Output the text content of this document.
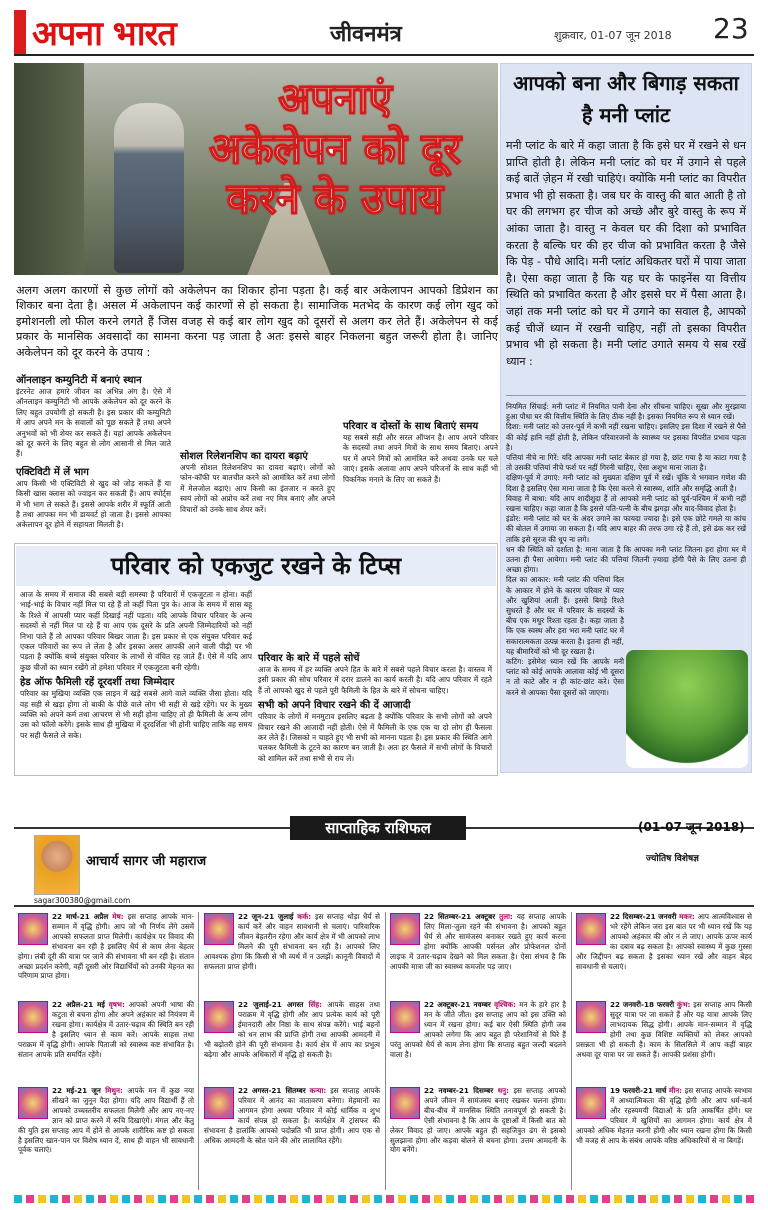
अपना भारत	जीवनमंत्र	शुक्रवार, 01-07 जून 2018 23
अपनाएं
अकेलेपन को दूर
करने के उपाय
अलग अलग कारणों से कुछ लोगों को अकेलेपन का शिकार होना पड़ता है। कई बार अकेलापन आपको डिप्रेशन का शिकार बना देता है। असल में अकेलापन कई कारणों से हो सकता है। सामाजिक मतभेद के कारण कई लोग खुद को इमोशनली लो फील करने लगते हैं जिस वजह से कई बार लोग खुद को दूसरों से अलग कर लेते हैं। अकेलेपन से कई प्रकार के मानसिक अवसादों का सामना करना पड़ जाता है अतः इससे बाहर निकलना बहुत जरूरी होता है। जानिए अकेलेपन को दूर करने के उपाय :
ऑनलाइन कम्युनिटी में बनाएं स्थान
इंटरनेट आज हमारे जीवन का अभिन्न अंग है। ऐसे में ऑनलाइन कम्युनिटी भी आपके अकेलेपन को दूर करने के लिए बहुत उपयोगी हो सकती है। इस प्रकार की कम्युनिटी में आप अपने मन के सवालों को पूछ सकते हैं तथा अपने अनुभवों को भी शेयर कर सकते हैं। यहां आपके अकेलेपन को दूर करने के लिए बहुत से लोग आसानी से मिल जाते हैं।
एक्टिविटी में लें भाग
आप किसी भी एक्टिविटी से खुद को जोड़ सकते हैं या किसी खास क्लास को ज्वाइन कर सकती हैं। आप स्पोर्ट्स में भी भाग ले सकते हैं। इससे आपके शरीर में स्फूर्ति आती है तथा आपका मन भी डायवर्ट हो जाता है। इससे आपका अकेलापन दूर होने में सहायता मिलती है।
सोशल रिलेशनशिप का दायरा बढ़ाएं
अपनी सोशल रिलेशनशिप का दायरा बढ़ाएं। लोगों को फोन-कॉफी पर बातचीत करने को आमंत्रित करें तथा लोगों में मेलजोल बढ़ाएं। आप किसी का इंतजार न करते हुए स्वयं लोगों को अप्रोच करें तथा नए मित्र बनाएं और अपने विचारों को उनके साथ शेयर करें।
परिवार व दोस्तों के साथ बिताएं समय
यह सबसे सही और सरल ऑप्शन है। आप अपने परिवार के सदस्यों तथा अपने मित्रों के साथ समय बिताएं। अपने घर में अपने मित्रों को आमंत्रित करें अथवा उनके घर चले जाएं। इसके अलावा आप अपने परिजनों के साथ कहीं भी पिकनिक मनाने के लिए जा सकते हैं।
आपको बना और बिगाड़ सकता है मनी प्लांट
मनी प्लांट के बारे में कहा जाता है कि इसे घर में रखने से धन प्राप्ति होती है। लेकिन मनी प्लांट को घर में उगाने से पहले कई बातें ज़ेहन में रखी चाहिएं। क्योंकि मनी प्लांट का विपरीत प्रभाव भी हो सकता है। जब घर के वास्तु की बात आती है तो घर की लगभग हर चीज को अच्छे और बुरे वास्तु के रूप में आंका जाता है। वास्तु न केवल घर की दिशा को प्रभावित करता है बल्कि घर की हर चीज को प्रभावित करता है जैसे कि पेड़ - पौधे आदि। मनी प्लांट अधिकतर घरों में पाया जाता है। ऐसा कहा जाता है कि यह घर के फाइनेंस या वित्तीय स्थिति को प्रभावित करता है और इससे घर में पैसा आता है। जहां तक मनी प्लांट को घर में उगाने का सवाल है, आपको कई चीजें ध्यान में रखनी चाहिए, नहीं तो इसका विपरीत प्रभाव भी हो सकता है। मनी प्लांट उगाते समय ये सब रखें ध्यान :
नियमित सिंचाई: मनी प्लांट में नियमित पानी देना और सींचना चाहिए। सूखा और मुरझाया हुआ पौधा घर की वित्तीय स्थिति के लिए ठीक नहीं है। इसका नियमित रूप से ध्यान रखें।
दिशा: मनी प्लांट को उत्तर-पूर्व में कभी नहीं रखना चाहिए। इसलिए इस दिशा में रखने से पैसे की कोई हानि नहीं होती है, लेकिन परिवारजनों के स्वास्थ्य पर इसका विपरीत प्रभाव पड़ता है।
पत्तियां नीचे ना गिरें: यदि आपका मनी प्लांट बेकार हो गया है, छांट गया है या काटा गया है तो उसकी पत्तियां नीचे फर्श पर नहीं गिरनी चाहिए, ऐसा अशुभ माना जाता है।
दक्षिण-पूर्व में उगाएं: मनी प्लांट को मुख्यतः दक्षिण पूर्व में रखें। चूंकि ये भगवान गणेश की दिशा है इसलिए ऐसा माना जाता है कि ऐसा करने से स्वास्थ्य, शांति और समृद्धि आती है।
विवाह में बाधा: यदि आप शादीशुदा हैं तो आपको मनी प्लांट को पूर्व-पश्चिम में कभी नहीं रखना चाहिए। कहा जाता है कि इससे पति-पत्नी के बीच झगड़ा और वाद-विवाद होता है।
इंडोर: मनी प्लांट को घर के अंदर उगाने का फायदा ज्यादा है। इसे एक छोटे गमले या कांच की बोतल में उगाया जा सकता है। यदि आप बाहर की तरफ उगा रहे हैं तो, इसे ढंक कर रखें ताकि इसे सूरज की धूप ना लगे।
धन की स्थिति को दर्शाता है: माना जाता है कि आपका मनी प्लांट जितना हरा होगा घर में उतना ही पैसा आयेगा। मनी प्लांट की पत्तियां जितनी ज़्यादा होंगी पैसे के लिए उतना ही अच्छा होगा।
दिल का आकार: मनी प्लांट की पत्तियां दिल के आकार में होने के कारण परिवार में प्यार और खुशियां आती हैं। इससे बिगड़े रिश्ते सुधरते हैं और घर में परिवार के सदस्यों के बीच एक मधुर रिश्ता रहता है। कहा जाता है कि एक स्वस्थ और हरा भरा मनी प्लांट घर में सकारात्मकता उत्पन्न करता है। इतना ही नहीं, यह बीमारियों को भी दूर रखता है।
कटिंग: इसेमेश ध्यान रखें कि आपके मनी प्लांट को कोई आपके आलावा कोई भी दूसरा न तो काटे और न ही कांट-छांट करे। ऐसा करने से आपका पैसा दूसरों को जाएगा।
परिवार को एकजुट रखने के टिप्स
आज के समय में समाज की सबसे बड़ी समस्या है परिवारों में एकजुटता न होना। कहीं भाई-भाई के विचार नहीं मिल पा रहे हैं तो कहीं पिता पुत्र के। आज के समय में सास बहू के रिश्ते में आपसी प्यार कहीं दिखाई नहीं पड़ता। यदि आपके विचार परिवार के अन्य सदस्यों से नहीं मिल पा रहे हैं या आप एक दूसरे के प्रति अपनी जिम्मेदारियों को नहीं निभा पाते हैं तो आपका परिवार बिखर जाता है। इस प्रकार से एक संयुक्त परिवार कई एकल परिवारों का रूप ले लेता है और इसका असर आपकी आने वाली पीढ़ी पर भी पड़ता है क्योंकि बच्चे संयुक्त परिवार के लाभों से वंचित रह जाते हैं। ऐसे में यदि आप कुछ चीजों का ध्यान रखेंगे तो हमेशा परिवार में एकजुटता बनी रहेगी।
हेड ऑफ फैमिली रहें दूरदर्शी तथा जिम्मेदार
परिवार का मुखिया व्यक्ति एक लाइन में खड़े सबसे आगे वाले व्यक्ति जैसा होता। यदि वह सही से खड़ा होगा तो बाकी के पीछे वाले लोग भी सही से खड़े रहेंगे। घर के मुख्य व्यक्ति को अपने कर्म तथा आचरण से भी सही होना चाहिए तो ही फैमिली के अन्य लोग उस को फॉलो करेंगे। इसके साथ ही मुखिया में दूरदर्शिता भी होनी चाहिए ताकि वह समय पर सही फैसले ले सके।
परिवार के बारे में पहले सोचें
आज के समय में हर व्यक्ति अपने हित के बारे में सबसे पहले विचार करता है। वास्तव में इसी प्रकार की सोच परिवार में दरार डालने का कार्य करती है। यदि आप परिवार में रहते हैं तो आपको खुद से पहले पूरी फैमिली के हित के बारे में सोचना चाहिए।
सभी को अपने विचार रखने की दें आजादी
परिवार के लोगों में मनमुटाव इसलिए बढ़ता है क्योंकि परिवार के सभी लोगों को अपने विचार रखने की आजादी नहीं होती। ऐसे में फैमिली के एक एक या दो लोग ही फैसला कर लेते हैं। जिसको न चाहते हुए भी सभी को मानना पड़ता है। इस प्रकार की स्थिति आगे चलकर फैमिली के टूटने का कारण बन जाती है। अतः हर फैसले में सभी लोगों के विचारों को शामिल करें तथा सभी से राय लें।
साप्ताहिक राशिफल	(01-07 जून 2018)
आचार्य सागर जी महाराज
sagar300380@gmail.com
ज्योतिष विशेषज्ञ
22 मार्च-21 अप्रैल
मेष: इस सप्ताह आपके मान-सम्मान में वृद्धि होगी। आप जो भी निर्णय लेंगे उसमें आपको सफलता प्राप्त मिलेगी। कार्यक्षेत्र पर विवाद की संभावना बन रही है इसलिए धैर्य से काम लेना बेहतर होगा। लंबी दूरी की यात्रा पर जाने की संभावना भी बन रही है। संतान अच्छा प्रदर्शन करेगी, वहीं दूसरी ओर विद्यार्थियों को उनकी मेहनत का परिणाम प्राप्त होगा।
22 जून-21 जुलाई
कर्क: इस सप्ताह थोड़ा धैर्य से कार्य करें और वाहन सावधानी से चलाएं। पारिवारिक जीवन बेहतरीन रहेगा और कार्य क्षेत्र में भी आपको लाभ मिलने की पूरी संभावना बन रही है। आपको लिए आवश्यक होगा कि किसी से भी व्यर्थ में न उलझें। कानूनी विवादों में सफलता प्राप्त होगी।
22 सितम्बर-21 अक्टूबर
तुला: यह सप्ताह आपके लिए मिला-जुला रहने की संभावना है। आपको बहुत धैर्य से और सामंजस्य बनाकर रखते हुए कार्य करना होगा क्योंकि आपकी पर्सनल और प्रोफेशनल दोनों लाइफ में उतार-चढ़ाव देखने को मिल सकता है। ऐसा संभव है कि आपकी मात्रा जी का स्वास्थ्य कमजोर पड़ जाए।
22 दिसम्बर-21 जनवरी
मकर: आप आत्मविश्वास से भरे रहेंगे लेकिन जरा इस बात पर भी ध्यान रखें कि यह आपको अहंकार की ओर न ले जाए। आपके ऊपर कार्य का दबाव बढ़ सकता है। आपको स्वास्थ्य में कुछ गुस्सा और जिद्दीपन बढ़ सकता है इसका ध्यान रखें और वाहन बेहद सावधानी से चलाएं।
22 अप्रैल-21 मई
वृषभ: आपको अपनी भाषा की कटुता से बचना होगा और अपने अहंकार को नियंत्रण में रखना होगा। कार्यक्षेत्र में उतार-चढ़ाव की स्थिति बन रही है इसलिए ध्यान से काम करें। आपके साहस तथा पराक्रम में वृद्धि होगी। आपके पिताजी को स्वास्थ्य कष्ट संभावित है। संतान आपके प्रति समर्पित रहेंगे।
22 जुलाई-21 अगस्त
सिंह: आपके साहस तथा पराक्रम में वृद्धि होगी और आप प्रत्येक कार्य को पूरी ईमानदारी और निष्ठा के साथ संपन्न करेंगे। भाई बहनों को धन लाभ की प्राप्ति होगी तथा आपकी आमदनी में भी बढ़ोतरी होने की पूरी संभावना है। कार्य क्षेत्र में आप का प्रभुत्व बढ़ेगा और आपके अधिकारों में वृद्धि हो सकती है।
22 अक्टूबर-21 नवम्बर
वृश्चिक: मन के हारे हार है मन के जीते जीत। इस सप्ताह आप को इस उक्ति को ध्यान में रखना होगा। कई बार ऐसी स्थिति होगी जब आपको लगेगा कि आप बहुत ही परेशानियों से घिरे हैं परंतु आपको धैर्य से काम लेना होगा कि सप्ताह बहुत जल्दी बदलने वाला है।
22 जनवरी-18 फरवरी
कुंभ: इस सप्ताह आप किसी सुदूर यात्रा पर जा सकते हैं और यह यात्रा आपके लिए लाभदायक सिद्ध होगी। आपके मान-सम्मान में वृद्धि होगी तथा कुछ विशिष्ट व्यक्तियों को लेकर आपको प्रसन्नता भी हो सकती है। काम के सिलसिले में आप कहीं बाहर अथवा दूर यात्रा पर जा सकते हैं। आपकी प्रशंसा होगी।
22 मई-21 जून
मिथुन: आपके मन में कुछ नया सीखने का जुनून पैदा होगा। यदि आप विद्यार्थी हैं तो आपको उच्चस्तरीय सफलता मिलेगी और आप नए-नए ज्ञान को प्राप्त करने में रूचि दिखाएंगे। मंगल और केतु की युति इस सप्ताह आप में होने से आपके शारीरिक कष्ट हो सकता है इसलिए खान-पान पर विशेष ध्यान दें, साथ ही वाहन भी सावधानी पूर्वक चलाएं।
22 अगस्त-21 सितम्बर
कन्या: इस सप्ताह आपके परिवार में आनंद का वातावरण बनेगा। मेहमानों का आगमन होगा अथवा परिवार में कोई धार्मिक व शुभ कार्य संपन्न हो सकता है। कार्यक्षेत्र में ट्रांसफर की संभावना है हालांकि आपको पदोन्नति भी प्राप्त होगी। आप एक से अधिक आमदनी के स्रोत पाने की ओर लालायित रहेंगे।
22 नवम्बर-21 दिसम्बर
धनु: इस सप्ताह आपको अपने जीवन में सामंजस्य बनाए रखकर चलना होगा। बीच-बीच में मानसिक स्थिति तनावपूर्ण हो सकती है। ऐसी संभावना है कि आप के दृष्टाओं में किसी बात को लेकर विवाद हो जाए। आपके बहुत ही सहजित्रुत ढंग से इसको सुलझाना होगा और कड़वा बोलने से बचना होगा। उत्तम आमदनी के योग बनेंगे।
19 फरवरी-21 मार्च
मीन: इस सप्ताह आपके स्वभाव में आध्यात्मिकता की वृद्धि होगी और आप धर्म-कर्म और रहस्यमयी विद्याओं के प्रति आकर्षित होंगे। घर परिवार में खुशियों का आगमन होगा। कार्य क्षेत्र में आपको अधिक मेहनत करनी होगी और ध्यान रखना होगा कि किसी भी वजह से आप के संबंध आपके वरिष्ठ अधिकारियों से ना बिगड़ें।
